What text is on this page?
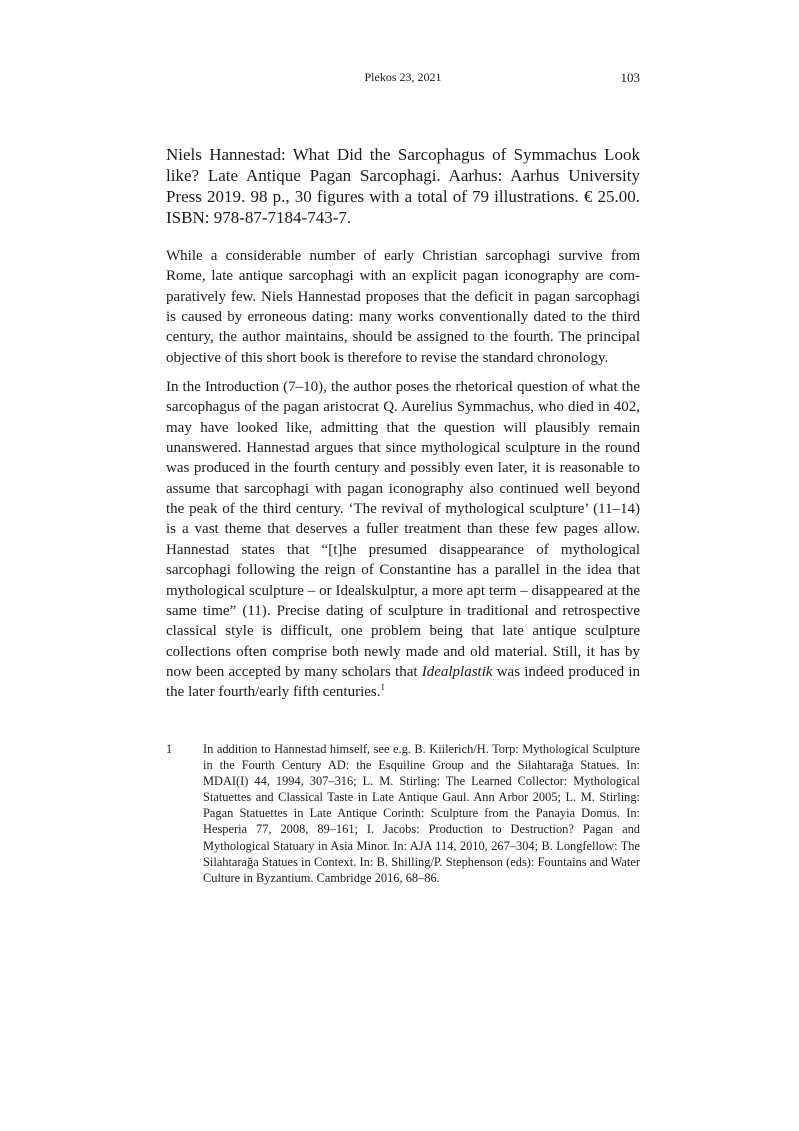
Plekos 23, 2021	103
Niels Hannestad: What Did the Sarcophagus of Symmachus Look like? Late Antique Pagan Sarcophagi. Aarhus: Aarhus University Press 2019. 98 p., 30 figures with a total of 79 illustrations. € 25.00. ISBN: 978-87-7184-743-7.

While a considerable number of early Christian sarcophagi survive from Rome, late antique sarcophagi with an explicit pagan iconography are comparatively few. Niels Hannestad proposes that the deficit in pagan sarcophagi is caused by erroneous dating: many works conventionally dated to the third century, the author maintains, should be assigned to the fourth. The principal objective of this short book is therefore to revise the standard chronology.

In the Introduction (7–10), the author poses the rhetorical question of what the sarcophagus of the pagan aristocrat Q. Aurelius Symmachus, who died in 402, may have looked like, admitting that the question will plausibly remain unanswered. Hannestad argues that since mythological sculpture in the round was produced in the fourth century and possibly even later, it is reasonable to assume that sarcophagi with pagan iconography also continued well beyond the peak of the third century. ‘The revival of mythological sculpture’ (11–14) is a vast theme that deserves a fuller treatment than these few pages allow. Hannestad states that “[t]he presumed disappearance of mythological sarcophagi following the reign of Constantine has a parallel in the idea that mythological sculpture – or Idealskulptur, a more apt term – disappeared at the same time” (11). Precise dating of sculpture in traditional and retrospective classical style is difficult, one problem being that late antique sculpture collections often comprise both newly made and old material. Still, it has by now been accepted by many scholars that Idealplastik was indeed produced in the later fourth/early fifth centuries.$^1$

1 In addition to Hannestad himself, see e.g. B. Kiilerich/H. Torp: Mythological Sculpture in the Fourth Century AD: the Esquiline Group and the Silahtarağa Statues. In: MDAI(I) 44, 1994, 307–316; L. M. Stirling: The Learned Collector: Mythological Statuettes and Classical Taste in Late Antique Gaul. Ann Arbor 2005; L. M. Stirling: Pagan Statuettes in Late Antique Corinth: Sculpture from the Panayia Domus. In: Hesperia 77, 2008, 89–161; I. Jacobs: Production to Destruction? Pagan and Mythological Statuary in Asia Minor. In: AJA 114, 2010, 267–304; B. Longfellow: The Silahtarağa Statues in Context. In: B. Shilling/P. Stephenson (eds): Fountains and Water Culture in Byzantium. Cambridge 2016, 68–86.
